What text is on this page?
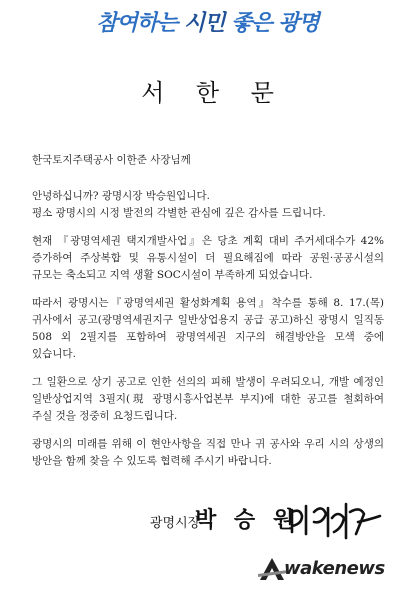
참여하는 시민 좋은 광명
서 한 문

한국토지주택공사 이한준 사장님께

안녕하십니까? 광명시장 박승원입니다.

평소 광명시의 시정 발전의 각별한 관심에 깊은 감사를 드립니다.

현재 『광명역세권 택지개발사업』은 당초 계획 대비 주거세대수가 42% 증가하여 주상복합 및 유통시설이 더 필요해짐에 따라 공원·공공시설의 규모는 축소되고 지역 생활 SOC시설이 부족하게 되었습니다.

따라서 광명시는『광명역세권 활성화계획 용역』착수를 통해 8. 17.(목) 귀사에서 공고(광명역세권지구 일반상업용지 공급 공고)하신 광명시 일직동 508 외 2필지를 포함하여 광명역세권 지구의 해결방안을 모색 중에 있습니다.

그 일환으로 상기 공고로 인한 선의의 피해 발생이 우려되오니, 개발 예정인 일반상업지역 3필지(現 광명시흥사업본부 부지)에 대한 공고를 철회하여 주실 것을 정중히 요청드립니다.

광명시의 미래를 위해 이 현안사항을 직접 만나 귀 공사와 우리 시의 상생의 방안을 함께 찾을 수 있도록 협력해 주시기 바랍니다.

광명시장
박 승 원
wakenews
